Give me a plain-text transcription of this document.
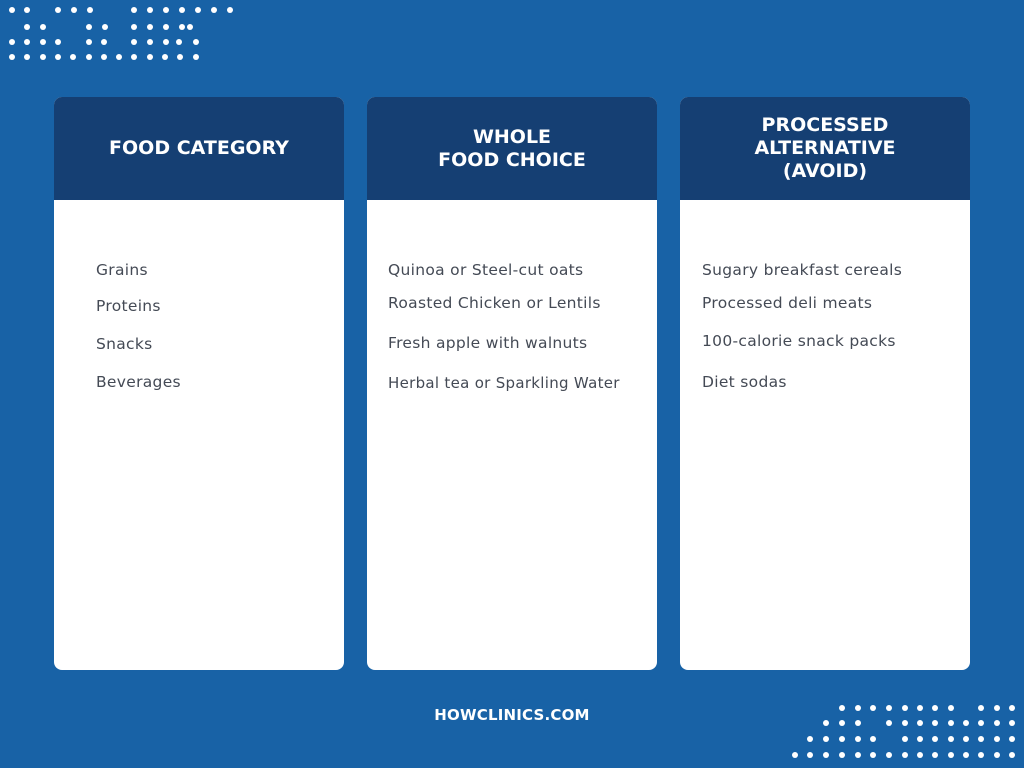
FOOD CATEGORY
Grains
Proteins
Snacks
Beverages
WHOLE
FOOD CHOICE
Quinoa or Steel-cut oats
Roasted Chicken or Lentils
Fresh apple with walnuts
Herbal tea or Sparkling Water
PROCESSED
ALTERNATIVE
(AVOID)
Sugary breakfast cereals
Processed deli meats
100-calorie snack packs
Diet sodas
HOWCLINICS.COM
